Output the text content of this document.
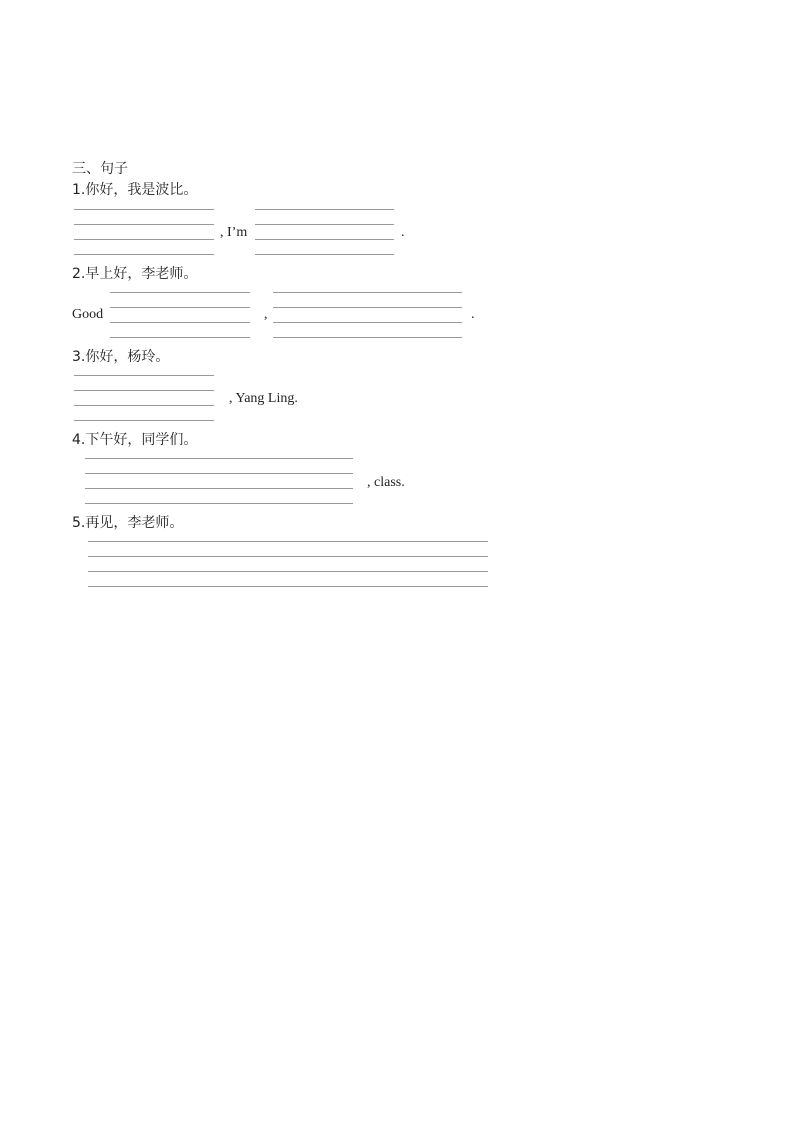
三、句子
1.你好，我是波比。
, I’m	.
2.早上好，李老师。
Good	,	.
3.你好，杨玲。
, Yang Ling.
4.下午好，同学们。
, class.
5.再见，李老师。
